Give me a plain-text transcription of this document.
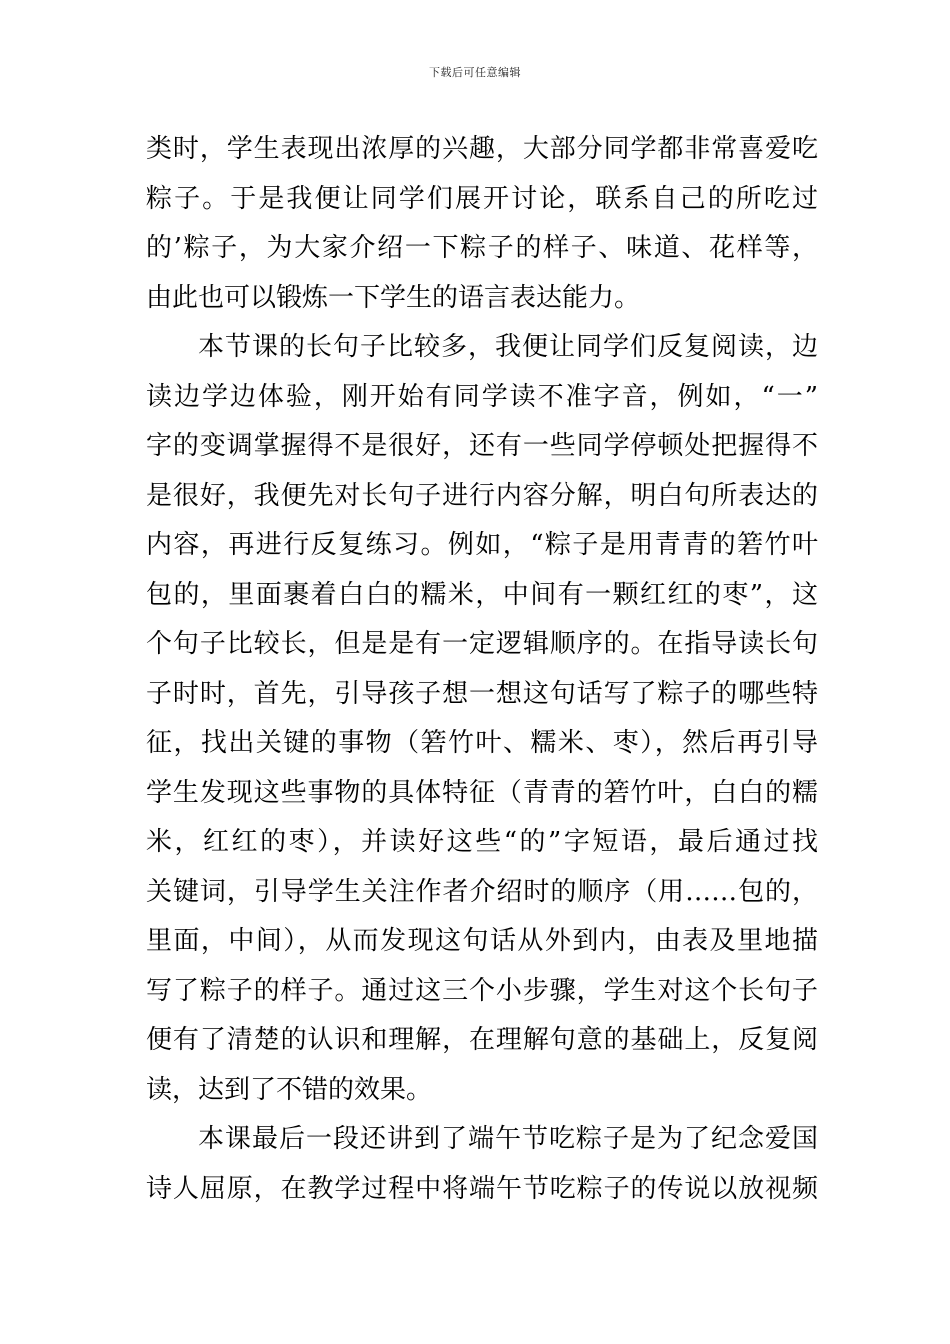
下载后可任意编辑
类时，学生表现出浓厚的兴趣，大部分同学都非常喜爱吃
粽子。于是我便让同学们展开讨论，联系自己的所吃过
的’粽子，为大家介绍一下粽子的样子、味道、花样等，
由此也可以锻炼一下学生的语言表达能力。
本节课的长句子比较多，我便让同学们反复阅读，边
读边学边体验，刚开始有同学读不准字音，例如，“一”
字的变调掌握得不是很好，还有一些同学停顿处把握得不
是很好，我便先对长句子进行内容分解，明白句所表达的
内容，再进行反复练习。例如，“粽子是用青青的箬竹叶
包的，里面裹着白白的糯米，中间有一颗红红的枣”，这
个句子比较长，但是是有一定逻辑顺序的。在指导读长句
子时时，首先，引导孩子想一想这句话写了粽子的哪些特
征，找出关键的事物（箬竹叶、糯米、枣），然后再引导
学生发现这些事物的具体特征（青青的箬竹叶，白白的糯
米，红红的枣），并读好这些“的”字短语，最后通过找
关键词，引导学生关注作者介绍时的顺序（用……包的，
里面，中间），从而发现这句话从外到内，由表及里地描
写了粽子的样子。通过这三个小步骤，学生对这个长句子
便有了清楚的认识和理解，在理解句意的基础上，反复阅
读，达到了不错的效果。
本课最后一段还讲到了端午节吃粽子是为了纪念爱国
诗人屈原，在教学过程中将端午节吃粽子的传说以放视频
